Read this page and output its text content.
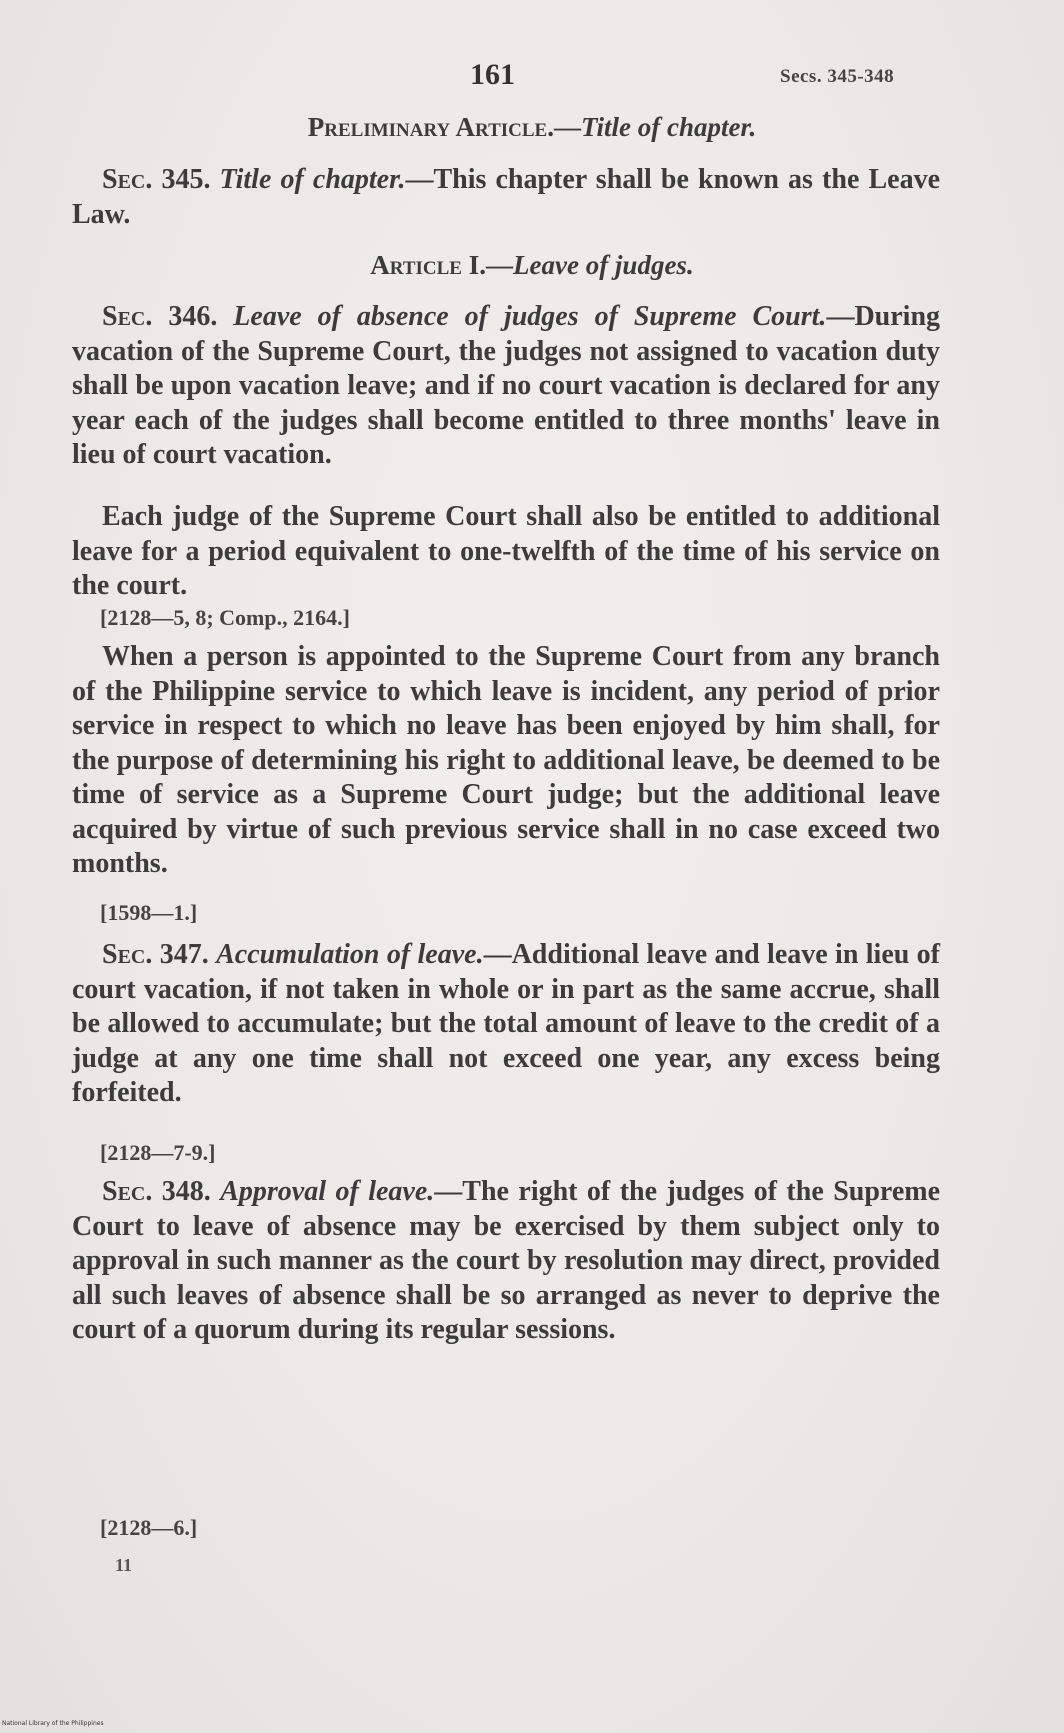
161	Secs. 345-348
Preliminary Article.—Title of chapter.
Sec. 345. Title of chapter.—This chapter shall be known as the Leave Law.
Article I.—Leave of judges.
Sec. 346. Leave of absence of judges of Supreme Court.—During vacation of the Supreme Court, the judges not assigned to vacation duty shall be upon vacation leave; and if no court vacation is declared for any year each of the judges shall become entitled to three months' leave in lieu of court vacation.
Each judge of the Supreme Court shall also be entitled to additional leave for a period equivalent to one-twelfth of the time of his service on the court.
[2128—5, 8; Comp., 2164.]
When a person is appointed to the Supreme Court from any branch of the Philippine service to which leave is incident, any period of prior service in respect to which no leave has been enjoyed by him shall, for the purpose of determining his right to additional leave, be deemed to be time of service as a Supreme Court judge; but the additional leave acquired by virtue of such previous service shall in no case exceed two months.
[1598—1.]
Sec. 347. Accumulation of leave.—Additional leave and leave in lieu of court vacation, if not taken in whole or in part as the same accrue, shall be allowed to accumulate; but the total amount of leave to the credit of a judge at any one time shall not exceed one year, any excess being forfeited.
[2128—7-9.]
Sec. 348. Approval of leave.—The right of the judges of the Supreme Court to leave of absence may be exercised by them subject only to approval in such manner as the court by resolution may direct, provided all such leaves of absence shall be so arranged as never to deprive the court of a quorum during its regular sessions.
[2128—6.]
11
National Library of the Philippines
